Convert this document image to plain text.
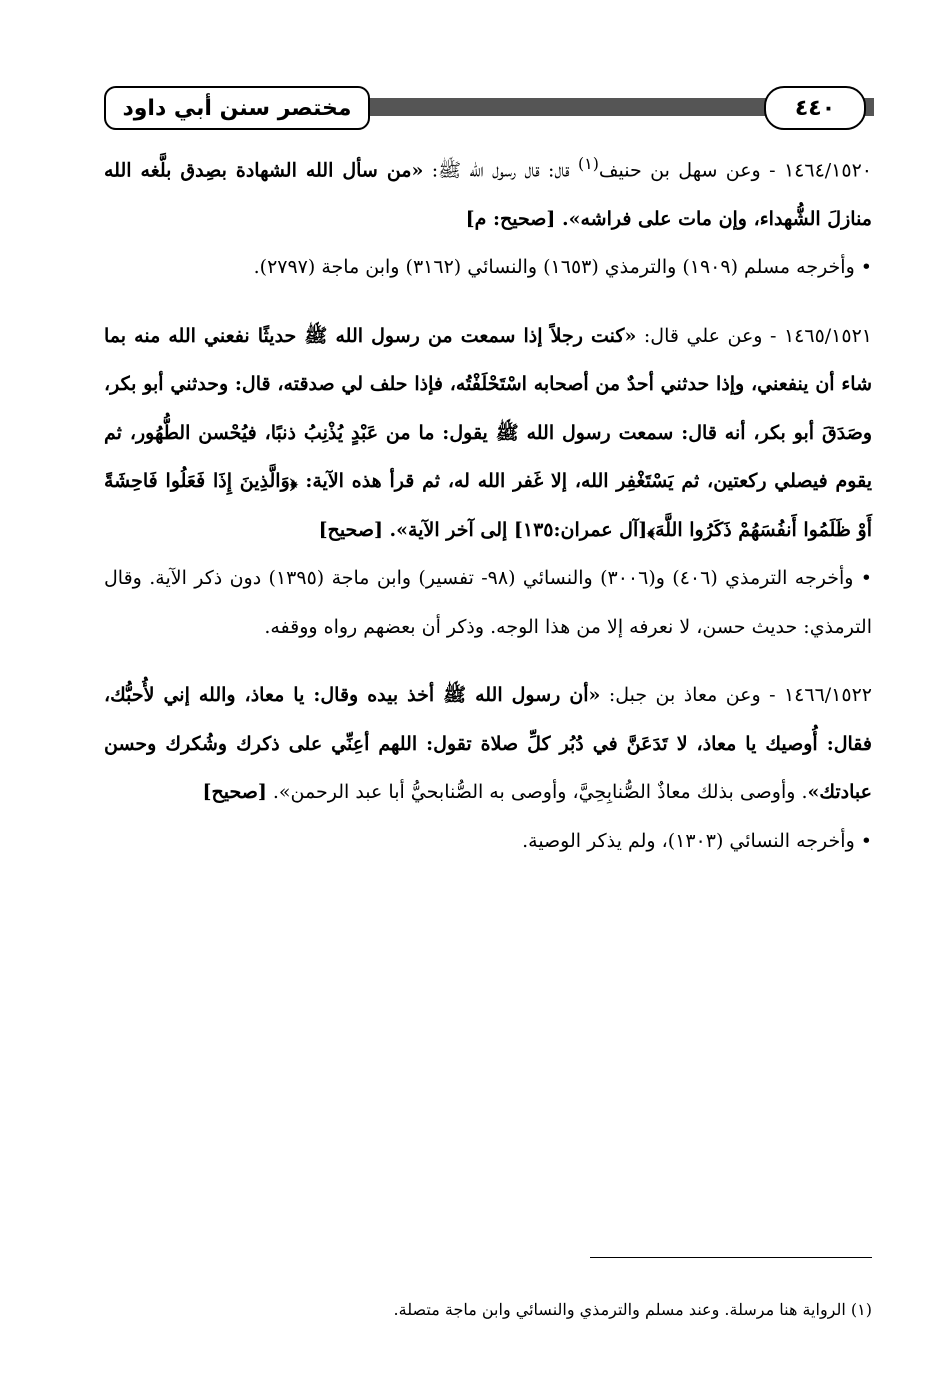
مختصر سنن أبي داود	٤٤٠

١٤٦٤/١٥٢٠ - وعن سهل بن حنيف$^{(١)}$ قال: قال رسول الله ﷺ: «من سأل الله الشهادة بصِدق بلَّغه الله منازلَ الشُّهداء، وإن مات على فراشه». [صحيح: م]

• وأخرجه مسلم (١٩٠٩) والترمذي (١٦٥٣) والنسائي (٣١٦٢) وابن ماجة (٢٧٩٧).

١٤٦٥/١٥٢١ - وعن علي قال: «كنت رجلاً إذا سمعت من رسول الله ﷺ حديثًا نفعني الله منه بما شاء أن ينفعني، وإذا حدثني أحدٌ من أصحابه اسْتَحْلَفْتُه، فإذا حلف لي صدقته، قال: وحدثني أبو بكر، وصَدَقَ أبو بكر، أنه قال: سمعت رسول الله ﷺ يقول: ما من عَبْدٍ يُذْنِبُ ذنبًا، فيُحْسن الطُّهُور، ثم يقوم فيصلي ركعتين، ثم يَسْتَغْفِر الله، إلا غَفر الله له، ثم قرأ هذه الآية: ﴿وَالَّذِينَ إِذَا فَعَلُوا فَاحِشَةً أَوْ ظَلَمُوا أَنفُسَهُمْ ذَكَرُوا اللَّهَ﴾[آل عمران:١٣٥] إلى آخر الآية». [صحيح]

• وأخرجه الترمذي (٤٠٦) و(٣٠٠٦) والنسائي (٩٨- تفسير) وابن ماجة (١٣٩٥) دون ذكر الآية. وقال الترمذي: حديث حسن، لا نعرفه إلا من هذا الوجه. وذكر أن بعضهم رواه ووقفه.

١٤٦٦/١٥٢٢ - وعن معاذ بن جبل: «أن رسول الله ﷺ أخذ بيده وقال: يا معاذ، والله إني لأُحبُّك، فقال: أُوصيك يا معاذ، لا تَدَعَنَّ في دُبُر كلِّ صلاة تقول: اللهم أعِنِّي على ذكرك وشُكرك وحسن عبادتك». وأوصى بذلك معاذٌ الصُّنابِحِيَّ، وأوصى به الصُّنابحيُّ أبا عبد الرحمن». [صحيح]

• وأخرجه النسائي (١٣٠٣)، ولم يذكر الوصية.

(١) الرواية هنا مرسلة. وعند مسلم والترمذي والنسائي وابن ماجة متصلة.
